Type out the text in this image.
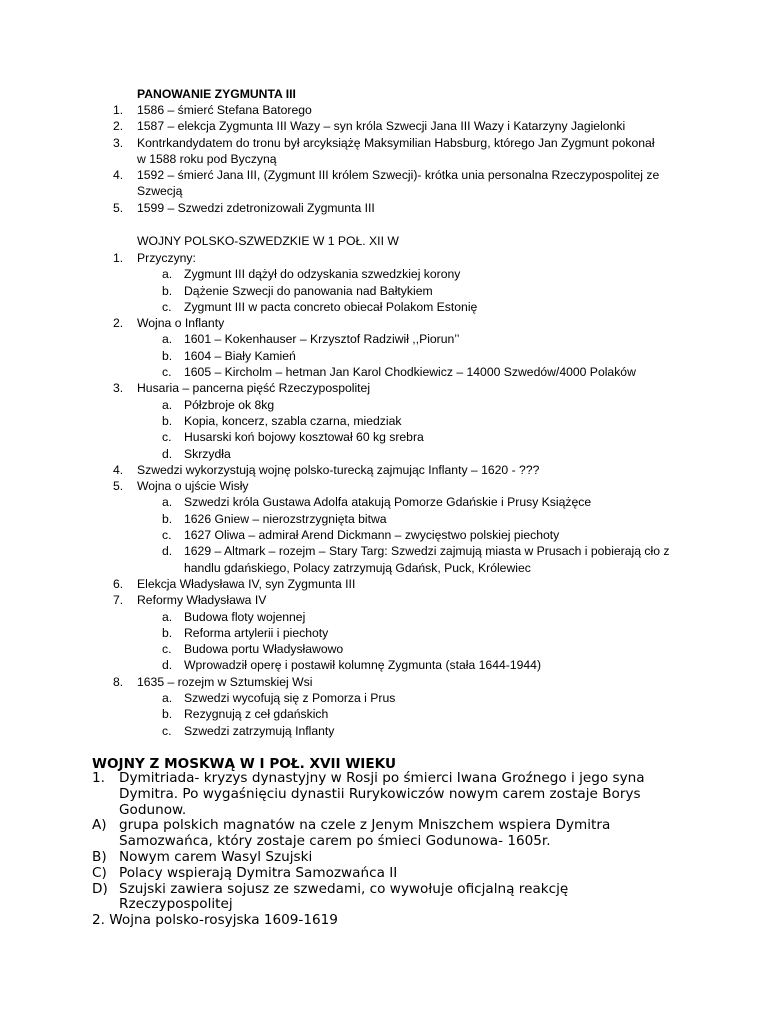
PANOWANIE ZYGMUNTA III
1. 1586 – śmierć Stefana Batorego
2. 1587 – elekcja Zygmunta III Wazy – syn króla Szwecji Jana III Wazy i Katarzyny Jagielonki
3. Kontrkandydatem do tronu był arcyksiążę Maksymilian Habsburg, którego Jan Zygmunt pokonał w 1588 roku pod Byczyną
4. 1592 – śmierć Jana III, (Zygmunt III królem Szwecji)- krótka unia personalna Rzeczypospolitej ze Szwecją
5. 1599 – Szwedzi zdetronizowali Zygmunta III
WOJNY POLSKO-SZWEDZKIE W 1 POŁ. XII W
1. Przyczyny:
a. Zygmunt III dążył do odzyskania szwedzkiej korony
b. Dążenie Szwecji do panowania nad Bałtykiem
c. Zygmunt III w pacta concreto obiecał Polakom Estonię
2. Wojna o Inflanty
a. 1601 – Kokenhauser – Krzysztof Radziwił ,,Piorun’’
b. 1604 – Biały Kamień
c. 1605 – Kircholm – hetman Jan Karol Chodkiewicz – 14000 Szwedów/4000 Polaków
3. Husaria – pancerna pięść Rzeczypospolitej
a. Półzbroje ok 8kg
b. Kopia, koncerz, szabla czarna, miedziak
c. Husarski koń bojowy kosztował 60 kg srebra
d. Skrzydła
4. Szwedzi wykorzystują wojnę polsko-turecką zajmując Inflanty – 1620 - ???
5. Wojna o ujście Wisły
a. Szwedzi króla Gustawa Adolfa atakują Pomorze Gdańskie i Prusy Książęce
b. 1626 Gniew – nierozstrzygnięta bitwa
c. 1627 Oliwa – admirał Arend Dickmann – zwycięstwo polskiej piechoty
d. 1629 – Altmark – rozejm – Stary Targ: Szwedzi zajmują miasta w Prusach i pobierają cło z handlu gdańskiego, Polacy zatrzymują Gdańsk, Puck, Królewiec
6. Elekcja Władysława IV, syn Zygmunta III
7. Reformy Władysława IV
a. Budowa floty wojennej
b. Reforma artylerii i piechoty
c. Budowa portu Władysławowo
d. Wprowadził operę i postawił kolumnę Zygmunta (stała 1644-1944)
8. 1635 – rozejm w Sztumskiej Wsi
a. Szwedzi wycofują się z Pomorza i Prus
b. Rezygnują z ceł gdańskich
c. Szwedzi zatrzymują Inflanty
WOJNY Z MOSKWĄ W I POŁ. XVII WIEKU
1. Dymitriada- kryzys dynastyjny w Rosji po śmierci Iwana Groźnego i jego syna Dymitra. Po wygaśnięciu dynastii Rurykowiczów nowym carem zostaje Borys Godunow.
A) grupa polskich magnatów na czele z Jenym Mniszchem wspiera Dymitra Samozwańca, który zostaje carem po śmieci Godunowa- 1605r.
B) Nowym carem Wasyl Szujski
C) Polacy wspierają Dymitra Samozwańca II
D) Szujski zawiera sojusz ze szwedami, co wywołuje oficjalną reakcję Rzeczypospolitej
2. Wojna polsko-rosyjska 1609-1619
